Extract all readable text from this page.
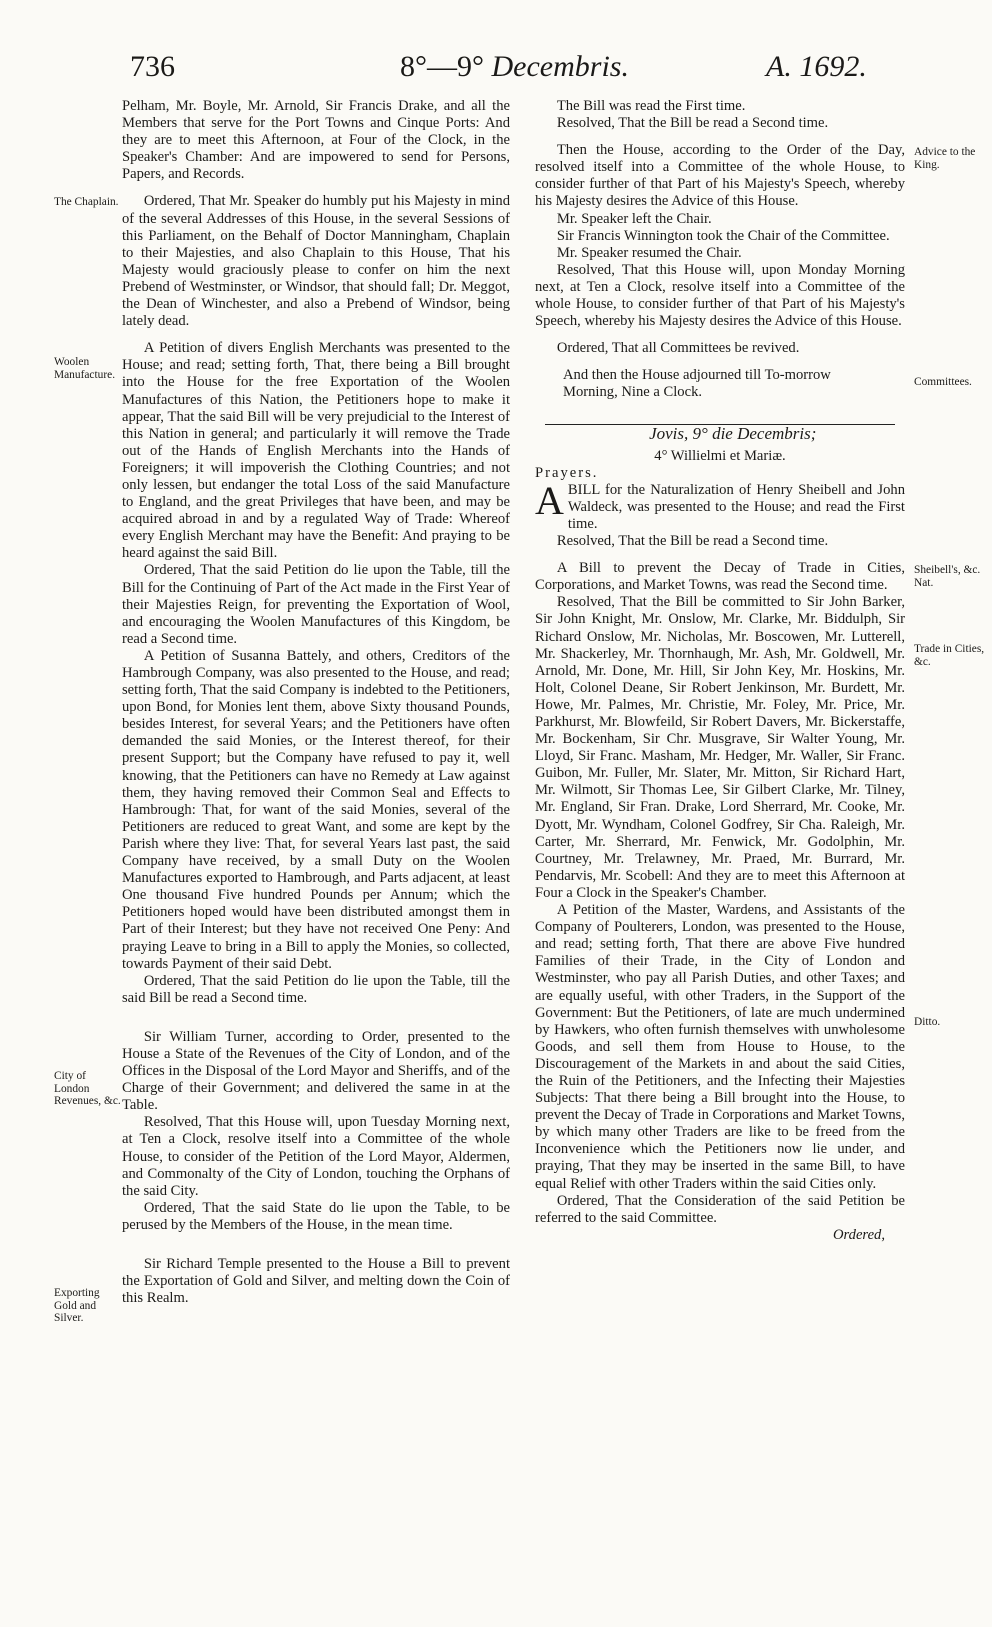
736	8°—9° Decembris.	A. 1692.
The Chaplain.
Woolen Manufacture.
City of London Revenues, &c.
Exporting Gold and Silver.
Advice to the King.
Committees.
Sheibell's, &c. Nat.
Trade in Cities, &c.
Ditto.

Pelham, Mr. Boyle, Mr. Arnold, Sir Francis Drake, and all the Members that serve for the Port Towns and Cinque Ports: And they are to meet this Afternoon, at Four of the Clock, in the Speaker's Chamber: And are impowered to send for Persons, Papers, and Records.

Ordered, That Mr. Speaker do humbly put his Majesty in mind of the several Addresses of this House, in the several Sessions of this Parliament, on the Behalf of Doctor Manningham, Chaplain to their Majesties, and also Chaplain to this House, That his Majesty would graciously please to confer on him the next Prebend of Westminster, or Windsor, that should fall; Dr. Meggot, the Dean of Winchester, and also a Prebend of Windsor, being lately dead.

A Petition of divers English Merchants was presented to the House; and read; setting forth, That, there being a Bill brought into the House for the free Exportation of the Woolen Manufactures of this Nation, the Petitioners hope to make it appear, That the said Bill will be very prejudicial to the Interest of this Nation in general; and particularly it will remove the Trade out of the Hands of English Merchants into the Hands of Foreigners; it will impoverish the Clothing Countries; and not only lessen, but endanger the total Loss of the said Manufacture to England, and the great Privileges that have been, and may be acquired abroad in and by a regulated Way of Trade: Whereof every English Merchant may have the Benefit: And praying to be heard against the said Bill.

Ordered, That the said Petition do lie upon the Table, till the Bill for the Continuing of Part of the Act made in the First Year of their Majesties Reign, for preventing the Exportation of Wool, and encouraging the Woolen Manufactures of this Kingdom, be read a Second time.

A Petition of Susanna Battely, and others, Creditors of the Hambrough Company, was also presented to the House, and read; setting forth, That the said Company is indebted to the Petitioners, upon Bond, for Monies lent them, above Sixty thousand Pounds, besides Interest, for several Years; and the Petitioners have often demanded the said Monies, or the Interest thereof, for their present Support; but the Company have refused to pay it, well knowing, that the Petitioners can have no Remedy at Law against them, they having removed their Common Seal and Effects to Hambrough: That, for want of the said Monies, several of the Petitioners are reduced to great Want, and some are kept by the Parish where they live: That, for several Years last past, the said Company have received, by a small Duty on the Woolen Manufactures exported to Hambrough, and Parts adjacent, at least One thousand Five hundred Pounds per Annum; which the Petitioners hoped would have been distributed amongst them in Part of their Interest; but they have not received One Peny: And praying Leave to bring in a Bill to apply the Monies, so collected, towards Payment of their said Debt.

Ordered, That the said Petition do lie upon the Table, till the said Bill be read a Second time.

Sir William Turner, according to Order, presented to the House a State of the Revenues of the City of London, and of the Offices in the Disposal of the Lord Mayor and Sheriffs, and of the Charge of their Government; and delivered the same in at the Table.

Resolved, That this House will, upon Tuesday Morning next, at Ten a Clock, resolve itself into a Committee of the whole House, to consider of the Petition of the Lord Mayor, Aldermen, and Commonalty of the City of London, touching the Orphans of the said City.

Ordered, That the said State do lie upon the Table, to be perused by the Members of the House, in the mean time.

Sir Richard Temple presented to the House a Bill to prevent the Exportation of Gold and Silver, and melting down the Coin of this Realm.

The Bill was read the First time.

Resolved, That the Bill be read a Second time.

Then the House, according to the Order of the Day, resolved itself into a Committee of the whole House, to consider further of that Part of his Majesty's Speech, whereby his Majesty desires the Advice of this House.

Mr. Speaker left the Chair.

Sir Francis Winnington took the Chair of the Committee.

Mr. Speaker resumed the Chair.

Resolved, That this House will, upon Monday Morning next, at Ten a Clock, resolve itself into a Committee of the whole House, to consider further of that Part of his Majesty's Speech, whereby his Majesty desires the Advice of this House.

Ordered, That all Committees be revived.

And then the House adjourned till To-morrow Morning, Nine a Clock.

Jovis, 9° die Decembris;

4° Willielmi et Mariæ.

Prayers.

ABILL for the Naturalization of Henry Sheibell and John Waldeck, was presented to the House; and read the First time.

Resolved, That the Bill be read a Second time.

A Bill to prevent the Decay of Trade in Cities, Corporations, and Market Towns, was read the Second time.

Resolved, That the Bill be committed to Sir John Barker, Sir John Knight, Mr. Onslow, Mr. Clarke, Mr. Biddulph, Sir Richard Onslow, Mr. Nicholas, Mr. Boscowen, Mr. Lutterell, Mr. Shackerley, Mr. Thornhaugh, Mr. Ash, Mr. Goldwell, Mr. Arnold, Mr. Done, Mr. Hill, Sir John Key, Mr. Hoskins, Mr. Holt, Colonel Deane, Sir Robert Jenkinson, Mr. Burdett, Mr. Howe, Mr. Palmes, Mr. Christie, Mr. Foley, Mr. Price, Mr. Parkhurst, Mr. Blowfeild, Sir Robert Davers, Mr. Bickerstaffe, Mr. Bockenham, Sir Chr. Musgrave, Sir Walter Young, Mr. Lloyd, Sir Franc. Masham, Mr. Hedger, Mr. Waller, Sir Franc. Guibon, Mr. Fuller, Mr. Slater, Mr. Mitton, Sir Richard Hart, Mr. Wilmott, Sir Thomas Lee, Sir Gilbert Clarke, Mr. Tilney, Mr. England, Sir Fran. Drake, Lord Sherrard, Mr. Cooke, Mr. Dyott, Mr. Wyndham, Colonel Godfrey, Sir Cha. Raleigh, Mr. Carter, Mr. Sherrard, Mr. Fenwick, Mr. Godolphin, Mr. Courtney, Mr. Trelawney, Mr. Praed, Mr. Burrard, Mr. Pendarvis, Mr. Scobell: And they are to meet this Afternoon at Four a Clock in the Speaker's Chamber.

A Petition of the Master, Wardens, and Assistants of the Company of Poulterers, London, was presented to the House, and read; setting forth, That there are above Five hundred Families of their Trade, in the City of London and Westminster, who pay all Parish Duties, and other Taxes; and are equally useful, with other Traders, in the Support of the Government: But the Petitioners, of late are much undermined by Hawkers, who often furnish themselves with unwholesome Goods, and sell them from House to House, to the Discouragement of the Markets in and about the said Cities, the Ruin of the Petitioners, and the Infecting their Majesties Subjects: That there being a Bill brought into the House, to prevent the Decay of Trade in Corporations and Market Towns, by which many other Traders are like to be freed from the Inconvenience which the Petitioners now lie under, and praying, That they may be inserted in the same Bill, to have equal Relief with other Traders within the said Cities only.

Ordered, That the Consideration of the said Petition be referred to the said Committee.

Ordered,
